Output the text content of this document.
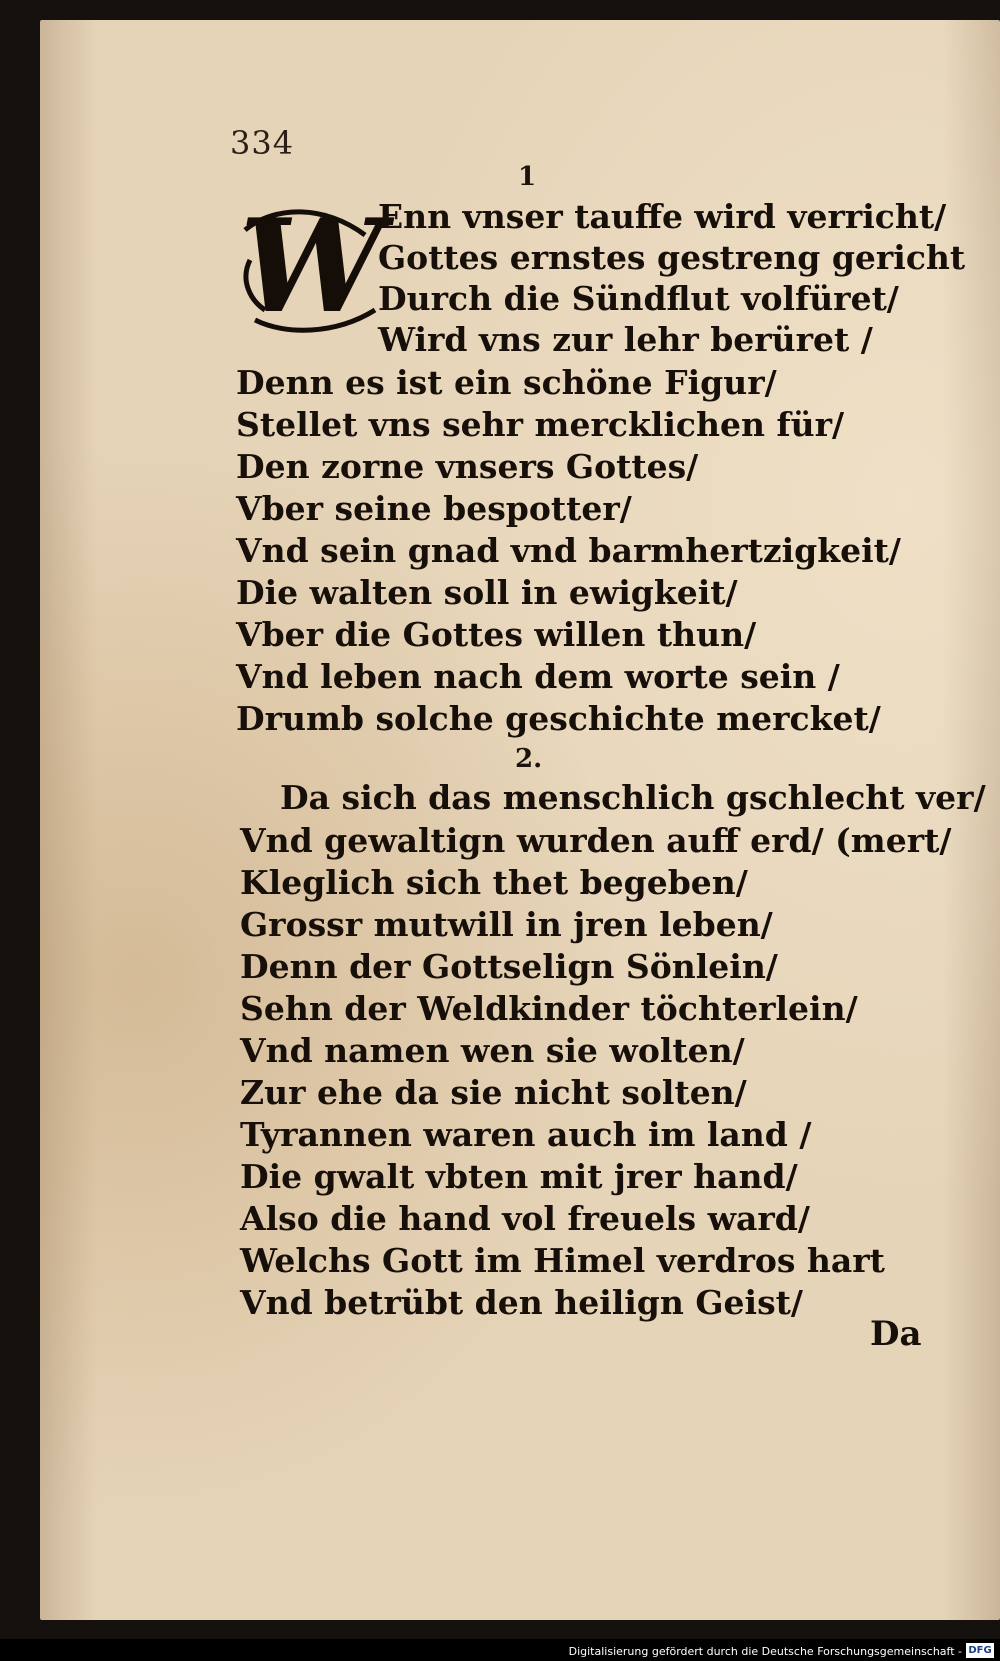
334
1
W
Enn vnser tauffe wird verricht/
Gottes ernstes gestreng gericht
Durch die Sündflut volfüret/
Wird vns zur lehr berüret /
Denn es ist ein schöne Figur/
Stellet vns sehr mercklichen für/
Den zorne vnsers Gottes/
Vber seine bespotter/
Vnd sein gnad vnd barmhertzigkeit/
Die walten soll in ewigkeit/
Vber die Gottes willen thun/
Vnd leben nach dem worte sein /
Drumb solche geschichte mercket/
2.
Da sich das menschlich gschlecht ver/
Vnd gewaltign wurden auff erd/ (mert/
Kleglich sich thet begeben/
Grossr mutwill in jren leben/
Denn der Gottselign Sönlein/
Sehn der Weldkinder töchterlein/
Vnd namen wen sie wolten/
Zur ehe da sie nicht solten/
Tyrannen waren auch im land /
Die gwalt vbten mit jrer hand/
Also die hand vol freuels ward/
Welchs Gott im Himel verdros hart
Vnd betrübt den heilign Geist/
Da
Digitalisierung gefördert durch die Deutsche Forschungsgemeinschaft - DFG
